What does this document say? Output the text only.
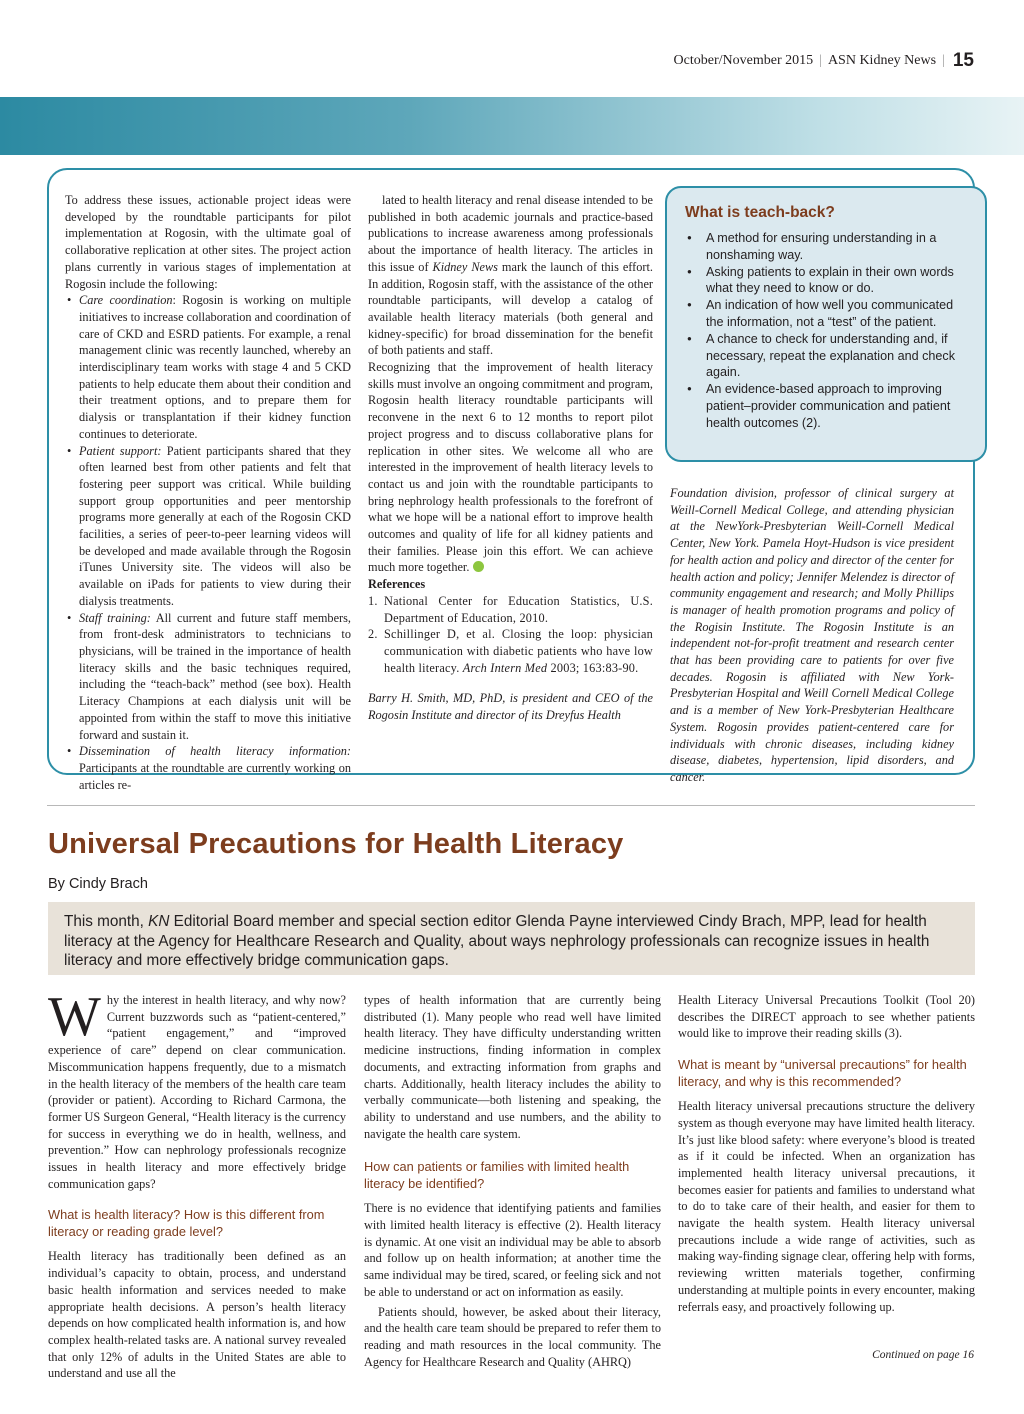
October/November 2015 | ASN Kidney News | 15

To address these issues, actionable project ideas were developed by the roundtable participants for pilot implementation at Rogosin, with the ultimate goal of collaborative replication at other sites. The project action plans currently in various stages of implementation at Rogosin include the following:

• Care coordination: Rogosin is working on multiple initiatives to increase collaboration and coordination of care of CKD and ESRD patients. For example, a renal management clinic was recently launched, whereby an interdisciplinary team works with stage 4 and 5 CKD patients to help educate them about their condition and their treatment options, and to prepare them for dialysis or transplantation if their kidney function continues to deteriorate.
• Patient support: Patient participants shared that they often learned best from other patients and felt that fostering peer support was critical. While building support group opportunities and peer mentorship programs more generally at each of the Rogosin CKD facilities, a series of peer-to-peer learning videos will be developed and made available through the Rogosin iTunes University site. The videos will also be available on iPads for patients to view during their dialysis treatments.
• Staff training: All current and future staff members, from front-desk administrators to technicians to physicians, will be trained in the importance of health literacy skills and the basic techniques required, including the “teach-back” method (see box). Health Literacy Champions at each dialysis unit will be appointed from within the staff to move this initiative forward and sustain it.
• Dissemination of health literacy information: Participants at the roundtable are currently working on articles re-

lated to health literacy and renal disease intended to be published in both academic journals and practice-based publications to increase awareness among professionals about the importance of health literacy. The articles in this issue of Kidney News mark the launch of this effort. In addition, Rogosin staff, with the assistance of the other roundtable participants, will develop a catalog of available health literacy materials (both general and kidney-specific) for broad dissemination for the benefit of both patients and staff.

Recognizing that the improvement of health literacy skills must involve an ongoing commitment and program, Rogosin health literacy roundtable participants will reconvene in the next 6 to 12 months to report pilot project progress and to discuss collaborative plans for replication in other sites. We welcome all who are interested in the improvement of health literacy levels to contact us and join with the roundtable participants to bring nephrology health professionals to the forefront of what we hope will be a national effort to improve health outcomes and quality of life for all kidney patients and their families. Please join this effort. We can achieve much more together.

References

1. National Center for Education Statistics, U.S. Department of Education, 2010.

2. Schillinger D, et al. Closing the loop: physician communication with diabetic patients who have low health literacy. Arch Intern Med 2003; 163:83-90.

Barry H. Smith, MD, PhD, is president and CEO of the Rogosin Institute and director of its Dreyfus Health

What is teach-back?
● A method for ensuring understanding in a nonshaming way.
● Asking patients to explain in their own words what they need to know or do.
● An indication of how well you communicated the information, not a “test” of the patient.
● A chance to check for understanding and, if necessary, repeat the explanation and check again.
● An evidence-based approach to improving patient–provider communication and patient health outcomes (2).
Foundation division, professor of clinical surgery at Weill-Cornell Medical College, and attending physician at the NewYork-Presbyterian Weill-Cornell Medical Center, New York. Pamela Hoyt-Hudson is vice president for health action and policy and director of the center for health action and policy; Jennifer Melendez is director of community engagement and research; and Molly Phillips is manager of health promotion programs and policy of the Rogisin Institute. The Rogosin Institute is an independent not-for-profit treatment and research center that has been providing care to patients for over five decades. Rogosin is affiliated with New York-Presbyterian Hospital and Weill Cornell Medical College and is a member of New York-Presbyterian Healthcare System. Rogosin provides patient-centered care for individuals with chronic diseases, including kidney disease, diabetes, hypertension, lipid disorders, and cancer.
Universal Precautions for Health Literacy
By Cindy Brach
This month, KN Editorial Board member and special section editor Glenda Payne interviewed Cindy Brach, MPP, lead for health literacy at the Agency for Healthcare Research and Quality, about ways nephrology professionals can recognize issues in health literacy and more effectively bridge communication gaps.

Why the interest in health literacy, and why now? Current buzzwords such as “patient-centered,” “patient engagement,” and “improved experience of care” depend on clear communication. Miscommunication happens frequently, due to a mismatch in the health literacy of the members of the health care team (provider or patient). According to Richard Carmona, the former US Surgeon General, “Health literacy is the currency for success in everything we do in health, wellness, and prevention.” How can nephrology professionals recognize issues in health literacy and more effectively bridge communication gaps?

What is health literacy? How is this different from literacy or reading grade level?

Health literacy has traditionally been defined as an individual’s capacity to obtain, process, and understand basic health information and services needed to make appropriate health decisions. A person’s health literacy depends on how complicated health information is, and how complex health-related tasks are. A national survey revealed that only 12% of adults in the United States are able to understand and use all the

types of health information that are currently being distributed (1). Many people who read well have limited health literacy. They have difficulty understanding written medicine instructions, finding information in complex documents, and extracting information from graphs and charts. Additionally, health literacy includes the ability to verbally communicate—both listening and speaking, the ability to understand and use numbers, and the ability to navigate the health care system.

How can patients or families with limited health literacy be identified?

There is no evidence that identifying patients and families with limited health literacy is effective (2). Health literacy is dynamic. At one visit an individual may be able to absorb and follow up on health information; at another time the same individual may be tired, scared, or feeling sick and not be able to understand or act on information as easily.

Patients should, however, be asked about their literacy, and the health care team should be prepared to refer them to reading and math resources in the local community. The Agency for Healthcare Research and Quality (AHRQ)

Health Literacy Universal Precautions Toolkit (Tool 20) describes the DIRECT approach to see whether patients would like to improve their reading skills (3).

What is meant by “universal precautions” for health literacy, and why is this recommended?

Health literacy universal precautions structure the delivery system as though everyone may have limited health literacy. It’s just like blood safety: where everyone’s blood is treated as if it could be infected. When an organization has implemented health literacy universal precautions, it becomes easier for patients and families to understand what to do to take care of their health, and easier for them to navigate the health system. Health literacy universal precautions include a wide range of activities, such as making way-finding signage clear, offering help with forms, reviewing written materials together, confirming understanding at multiple points in every encounter, making referrals easy, and proactively following up.

Continued on page 16
